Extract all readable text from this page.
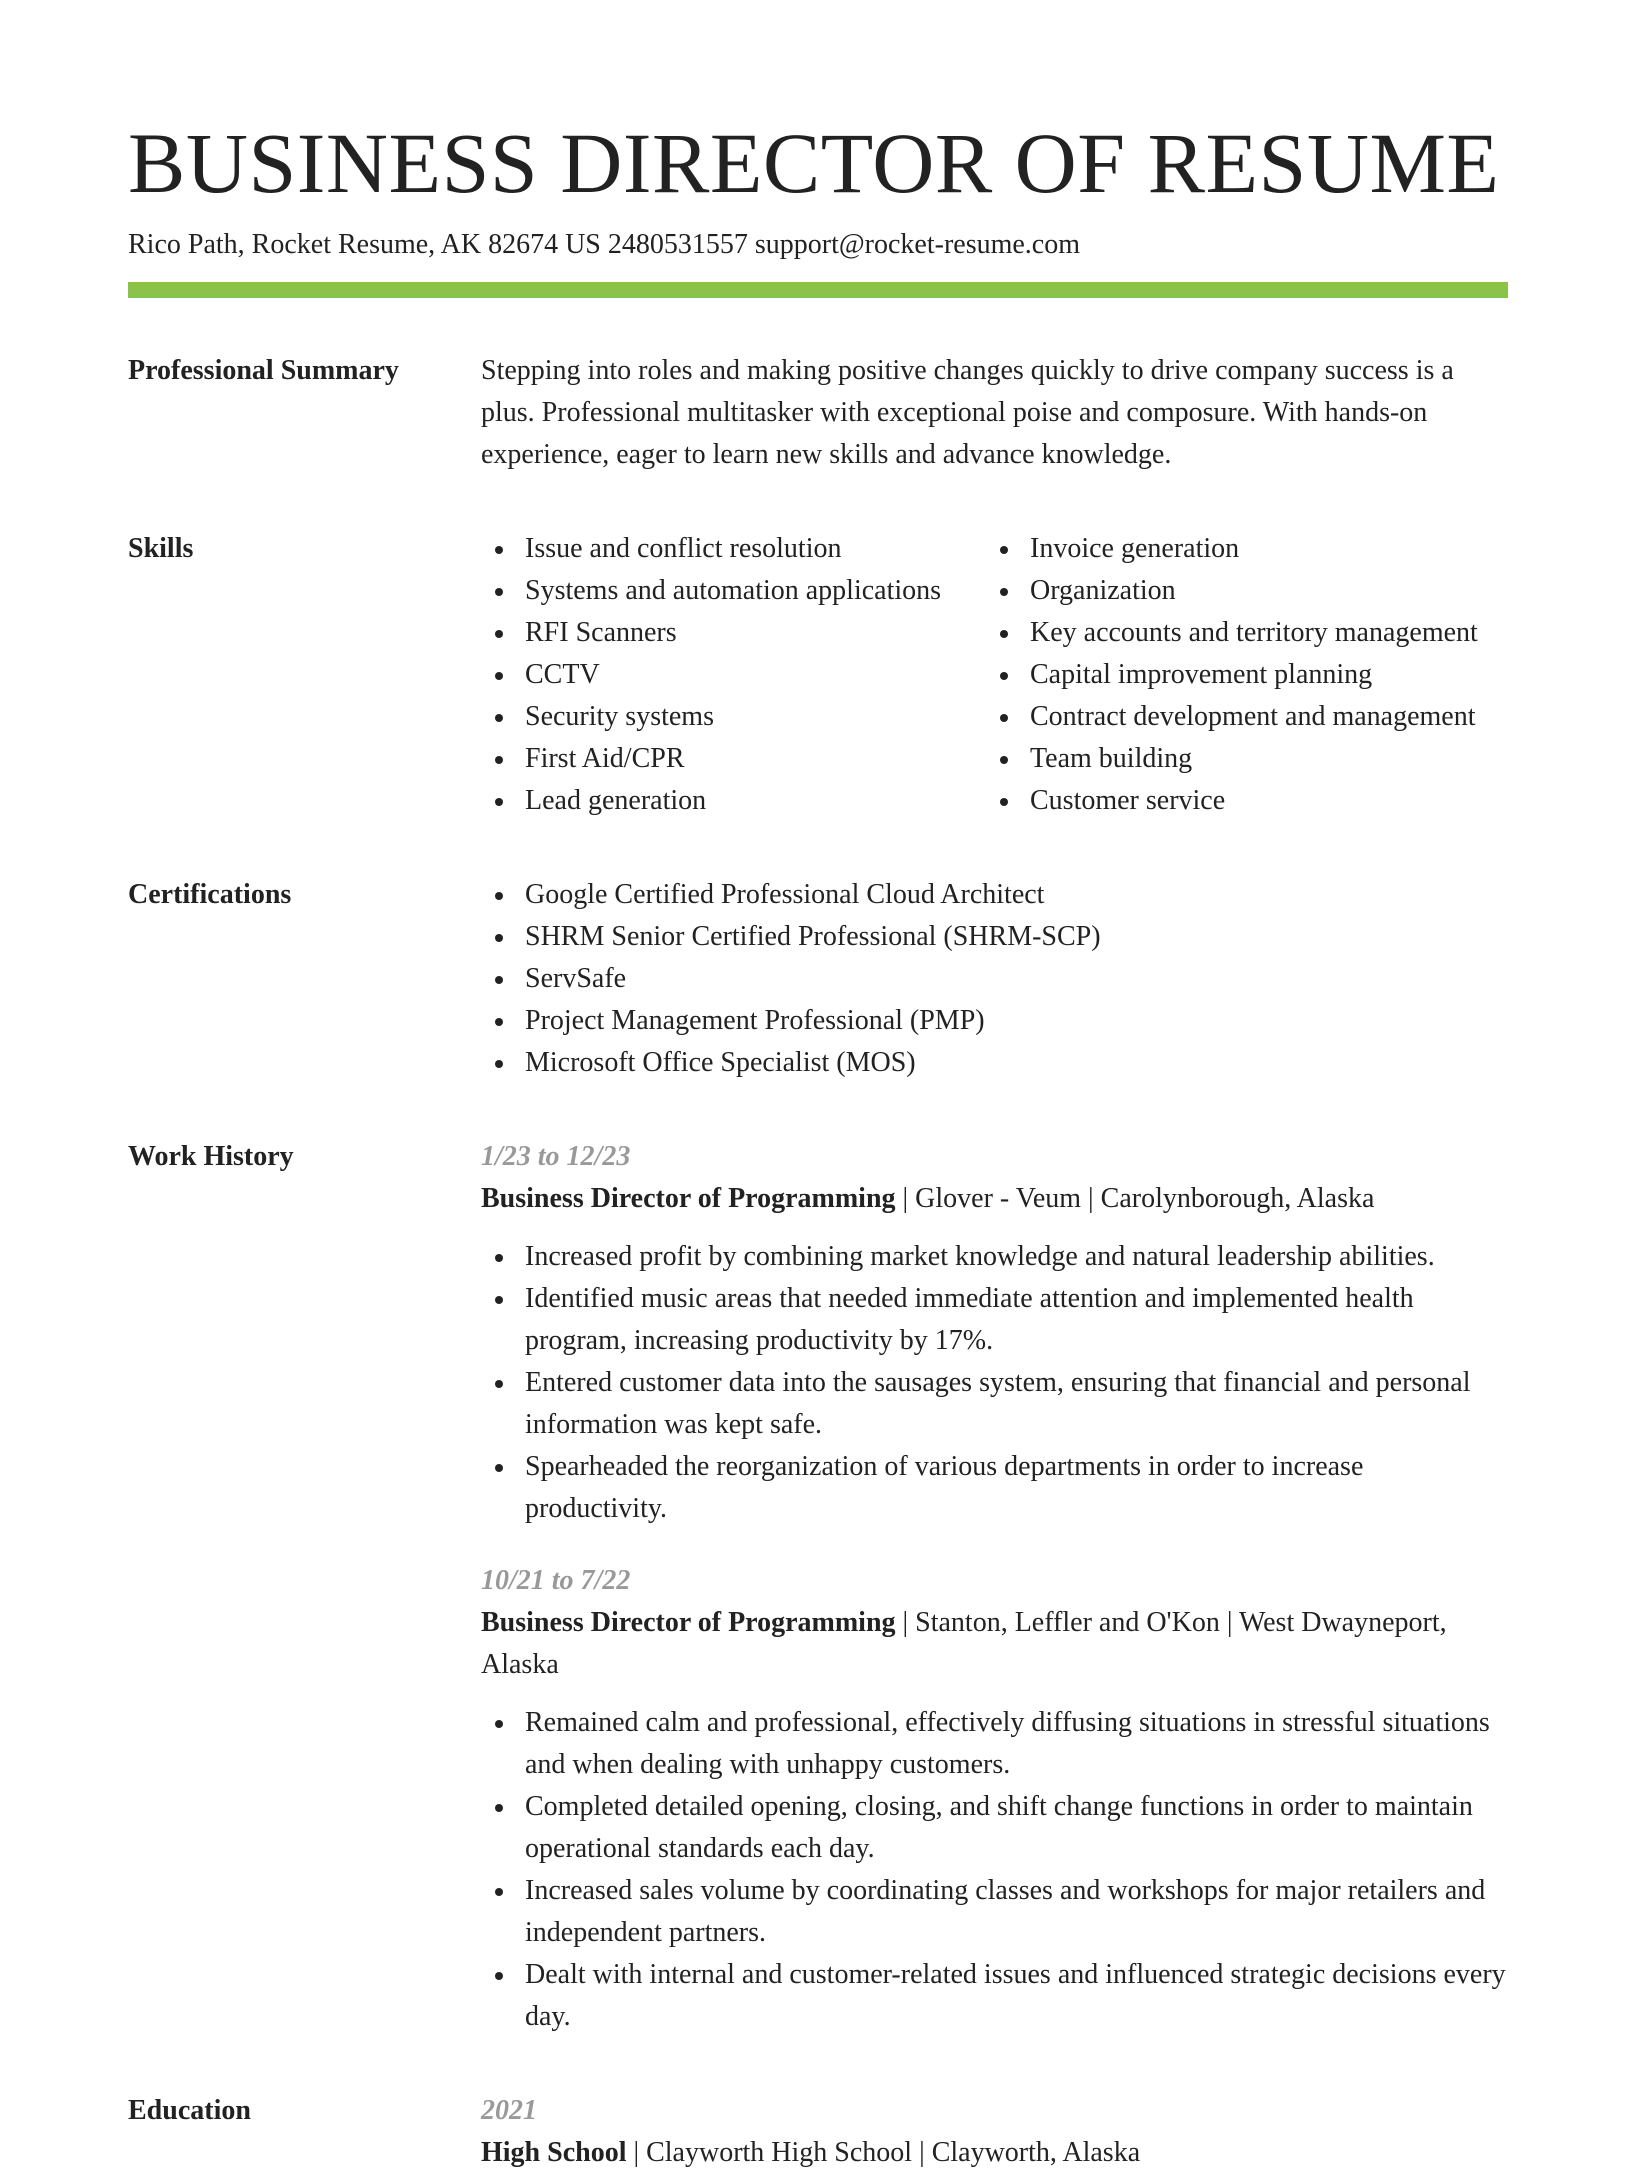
BUSINESS DIRECTOR OF RESUME
Rico Path, Rocket Resume, AK 82674 US 2480531557 support@rocket-resume.com
Professional Summary	Stepping into roles and making positive changes quickly to drive company success is a plus. Professional multitasker with exceptional poise and composure. With hands-on experience, eager to learn new skills and advance knowledge.

Skills	Issue and conflict resolution
Systems and automation applications
RFI Scanners
CCTV
Security systems
First Aid/CPR
Lead generation
Invoice generation
Organization
Key accounts and territory management
Capital improvement planning
Contract development and management
Team building
Customer service
Certifications	Google Certified Professional Cloud Architect
SHRM Senior Certified Professional (SHRM-SCP)
ServSafe
Project Management Professional (PMP)
Microsoft Office Specialist (MOS)
Work History	1/23 to 12/23

Business Director of Programming | Glover - Veum | Carolynborough, Alaska

Increased profit by combining market knowledge and natural leadership abilities.
Identified music areas that needed immediate attention and implemented health program, increasing productivity by 17%.
Entered customer data into the sausages system, ensuring that financial and personal information was kept safe.
Spearheaded the reorganization of various departments in order to increase productivity.
10/21 to 7/22

Business Director of Programming | Stanton, Leffler and O'Kon | West Dwayneport, Alaska

Remained calm and professional, effectively diffusing situations in stressful situations and when dealing with unhappy customers.
Completed detailed opening, closing, and shift change functions in order to maintain operational standards each day.
Increased sales volume by coordinating classes and workshops for major retailers and independent partners.
Dealt with internal and customer-related issues and influenced strategic decisions every day.
Education	2021

High School | Clayworth High School | Clayworth, Alaska
